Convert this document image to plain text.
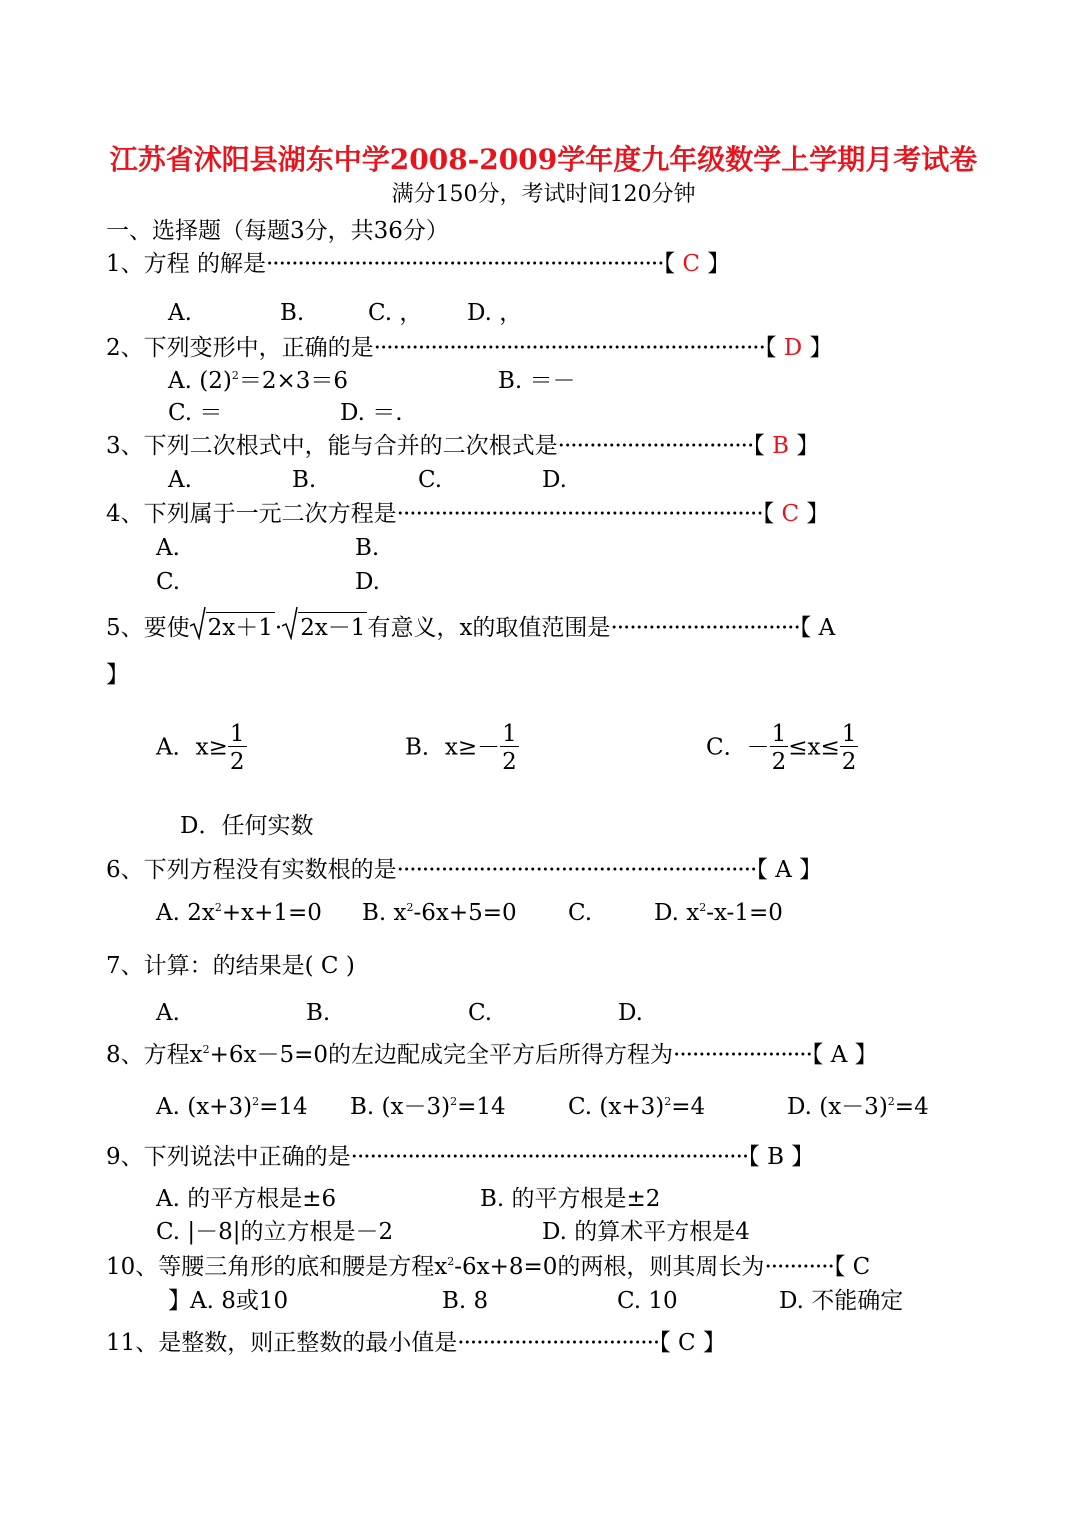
江苏省沭阳县湖东中学2008-2009学年度九年级数学上学期月考试卷
满分150分，考试时间120分钟
一、选择题（每题3分，共36分）
1、方程 的解是·······························································【 C 】
A.	B.	C. ， D. ，
2、下列变形中，正确的是······························································【 D 】
A. $(2)^2=2\times 3=6$	B. ＝－
C. ＝	D. ＝.
3、下列二次根式中，能与合并的二次根式是·······························【 B 】
A.	B.	C.	D.
4、下列属于一元二次方程是··························································【 C 】
A.	B.
C.	D.
5、要使 2x＋1· 2x－1有意义，x的取值范围是······························【 A
】
A．$x\ge \frac{1}{2}$	B．$x\ge- \frac{1}{2}$	C．－ $\frac{1}{2} \le x\le \frac{1}{2}$
D．任何实数
6、下列方程没有实数根的是·························································【 A 】
A. $2x^2+x+1=0$ B. $x^2-6x+5=0$ C.	D. $x^2-x-1=0$
7、计算：的结果是( C )
A.	B.	C.	D.
8、方程$x^2+6x-5=0$的左边配成完全平方后所得方程为······················【 A 】
A. $(x+3)^2=14$ B. $(x-3)^2=14$	C. $(x+3)^2=4$	D. $(x-3)^2=4$
9、下列说法中正确的是·······························································【 B 】
A. 的平方根是±6	B. 的平方根是±2
C. |－8|的立方根是－2	D. 的算术平方根是4
10、等腰三角形的底和腰是方程$x^2-6x+8=0$的两根，则其周长为···········【 C
】 A. 8或10	B. 8	C. 10	D. 不能确定
11、是整数，则正整数的最小值是································【 C 】
